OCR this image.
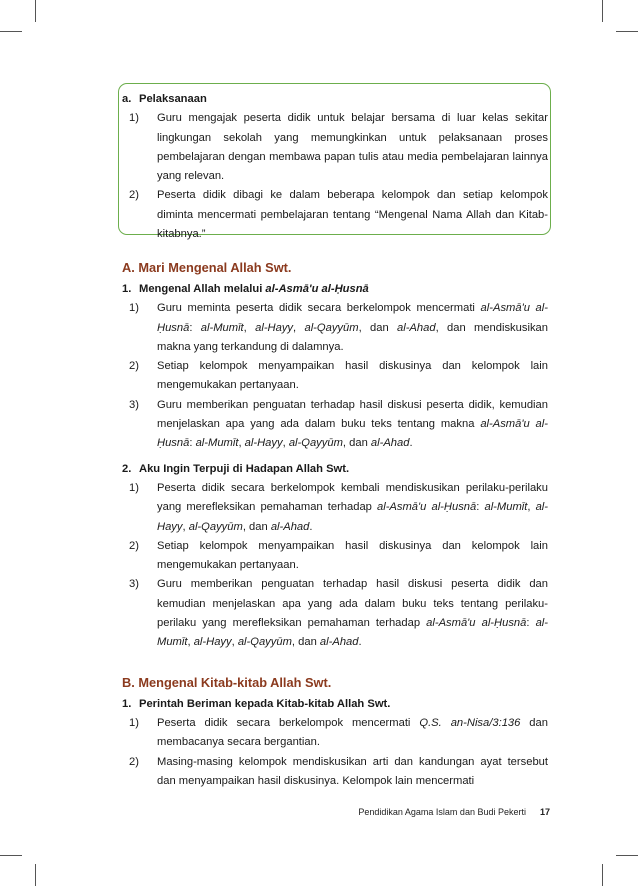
a. Pelaksanaan
1)	Guru mengajak peserta didik untuk belajar bersama di luar kelas sekitar lingkungan sekolah yang memungkinkan untuk pelaksanaan proses pembelajaran dengan membawa papan tulis atau media pembelajaran lainnya yang relevan.
2)	Peserta didik dibagi ke dalam beberapa kelompok dan setiap kelompok diminta mencermati pembelajaran tentang “Mengenal Nama Allah dan Kitab-kitabnya.”
A. Mari Mengenal Allah Swt.
1. Mengenal Allah melalui al-Asmā'u al-Ḥusnā
1)	Guru meminta peserta didik secara berkelompok mencermati al-Asmā'u al-Ḥusnā: al-Mumīt, al-Hayy, al-Qayyūm, dan al-Ahad, dan mendiskusikan makna yang terkandung di dalamnya.
2)	Setiap kelompok menyampaikan hasil diskusinya dan kelompok lain mengemukakan pertanyaan.
3)	Guru memberikan penguatan terhadap hasil diskusi peserta didik, kemudian menjelaskan apa yang ada dalam buku teks tentang makna al-Asmā'u al-Ḥusnā: al-Mumīt, al-Hayy, al-Qayyūm, dan al-Ahad.
2. Aku Ingin Terpuji di Hadapan Allah Swt.
1)	Peserta didik secara berkelompok kembali mendiskusikan perilaku-perilaku yang merefleksikan pemahaman terhadap al-Asmā'u al-Ḥusnā: al-Mumīt, al-Hayy, al-Qayyūm, dan al-Ahad.
2)	Setiap kelompok menyampaikan hasil diskusinya dan kelompok lain mengemukakan pertanyaan.
3)	Guru memberikan penguatan terhadap hasil diskusi peserta didik dan kemudian menjelaskan apa yang ada dalam buku teks tentang perilaku-perilaku yang merefleksikan pemahaman terhadap al-Asmā'u al-Ḥusnā: al-Mumīt, al-Hayy, al-Qayyūm, dan al-Ahad.
B. Mengenal Kitab-kitab Allah Swt.
1. Perintah Beriman kepada Kitab-kitab Allah Swt.
1)	Peserta didik secara berkelompok mencermati Q.S. an-Nisa/3:136 dan membacanya secara bergantian.
2)	Masing-masing kelompok mendiskusikan arti dan kandungan ayat tersebut dan menyampaikan hasil diskusinya. Kelompok lain mencermati
Pendidikan Agama Islam dan Budi Pekerti 17
